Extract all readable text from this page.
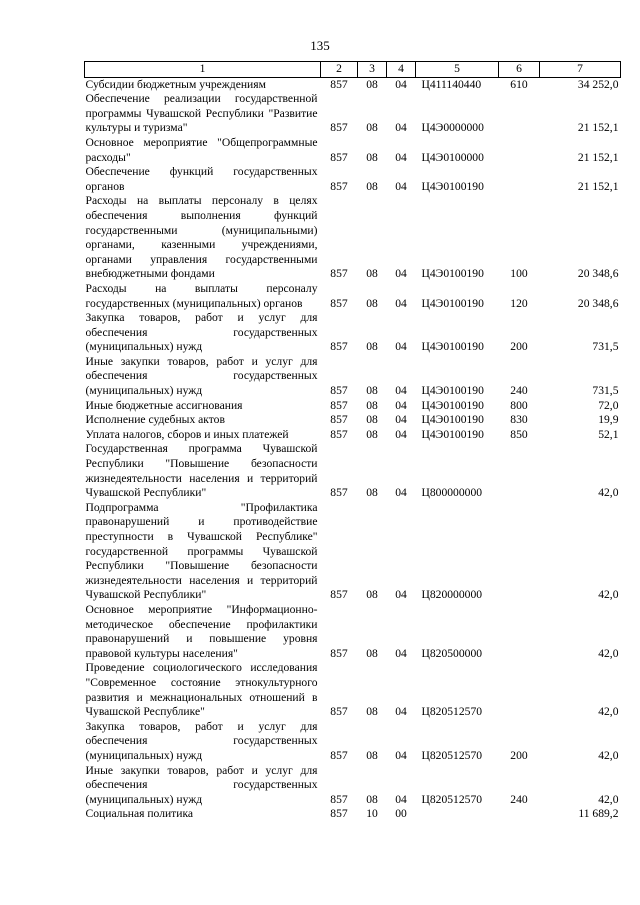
135
1	2	3	4	5	6	7
Субсидии бюджетным учреждениям	857	08	04	Ц411140440	610	34 252,0
Обеспечение реализации государственной программы Чувашской Республики "Развитие культуры и туризма"	857	08	04	Ц4Э0000000		21 152,1
Основное мероприятие "Общепрограммные расходы"	857	08	04	Ц4Э0100000		21 152,1
Обеспечение функций государственных органов	857	08	04	Ц4Э0100190		21 152,1
Расходы на выплаты персоналу в целях обеспечения выполнения функций государственными (муниципальными) органами, казенными учреждениями, органами управления государственными внебюджетными фондами	857	08	04	Ц4Э0100190	100	20 348,6
Расходы на выплаты персоналу государственных (муниципальных) органов	857	08	04	Ц4Э0100190	120	20 348,6
Закупка товаров, работ и услуг для обеспечения государственных (муниципальных) нужд	857	08	04	Ц4Э0100190	200	731,5
Иные закупки товаров, работ и услуг для обеспечения государственных (муниципальных) нужд	857	08	04	Ц4Э0100190	240	731,5
Иные бюджетные ассигнования	857	08	04	Ц4Э0100190	800	72,0
Исполнение судебных актов	857	08	04	Ц4Э0100190	830	19,9
Уплата налогов, сборов и иных платежей	857	08	04	Ц4Э0100190	850	52,1
Государственная программа Чувашской Республики "Повышение безопасности жизнедеятельности населения и территорий Чувашской Республики"	857	08	04	Ц800000000		42,0
Подпрограмма "Профилактика правонарушений и противодействие преступности в Чувашской Республике" государственной программы Чувашской Республики "Повышение безопасности жизнедеятельности населения и территорий Чувашской Республики"	857	08	04	Ц820000000		42,0
Основное мероприятие "Информационно-методическое обеспечение профилактики правонарушений и повышение уровня правовой культуры населения"	857	08	04	Ц820500000		42,0
Проведение социологического исследования "Современное состояние этнокультурного развития и межнациональных отношений в Чувашской Республике"	857	08	04	Ц820512570		42,0
Закупка товаров, работ и услуг для обеспечения государственных (муниципальных) нужд	857	08	04	Ц820512570	200	42,0
Иные закупки товаров, работ и услуг для обеспечения государственных (муниципальных) нужд	857	08	04	Ц820512570	240	42,0
Социальная политика	857	10	00			11 689,2
